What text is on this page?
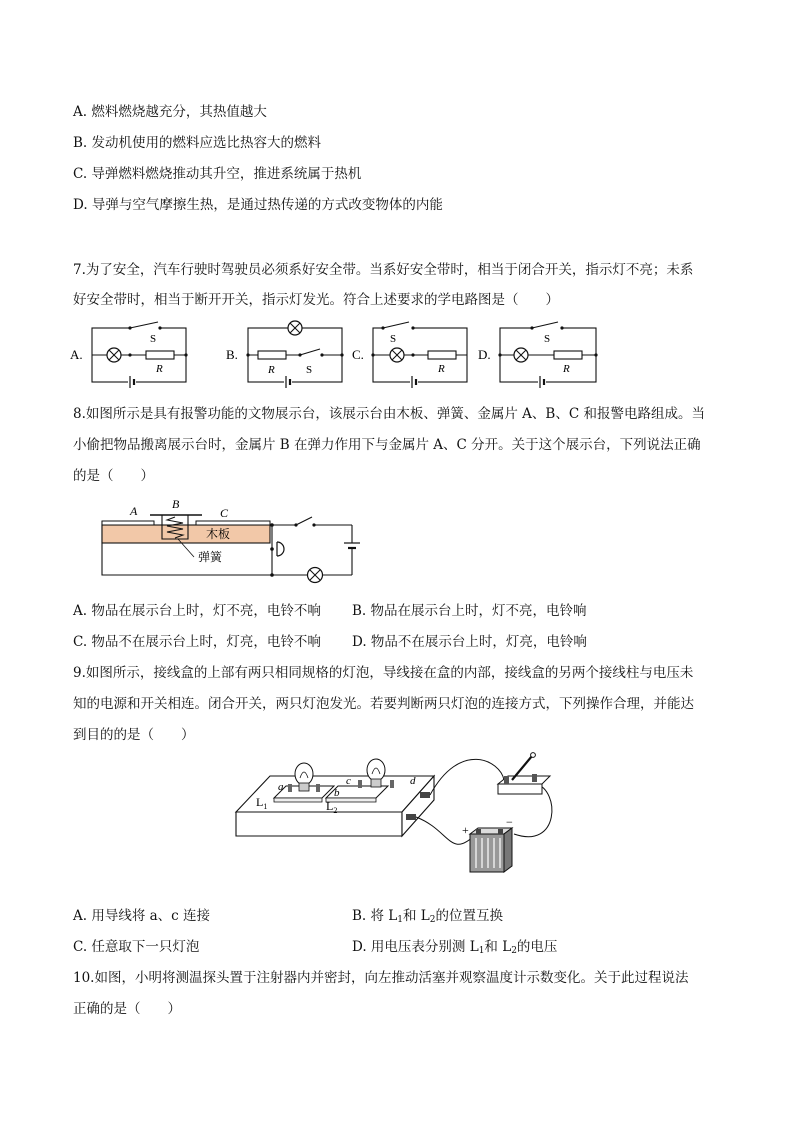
A. 燃料燃烧越充分，其热值越大
B. 发动机使用的燃料应选比热容大的燃料
C. 导弹燃料燃烧推动其升空，推进系统属于热机
D. 导弹与空气摩擦生热，是通过热传递的方式改变物体的内能
7.为了安全，汽车行驶时驾驶员必须系好安全带。当系好安全带时，相当于闭合开关，指示灯不亮；未系
好安全带时，相当于断开开关，指示灯发光。符合上述要求的学电路图是（　　）
A.
S
R
B.
R	S
C.
S
R
D.
S
R
8.如图所示是具有报警功能的文物展示台，该展示台由木板、弹簧、金属片 A、B、C 和报警电路组成。当
小偷把物品搬离展示台时，金属片 B 在弹力作用下与金属片 A、C 分开。关于这个展示台，下列说法正确
的是（　　）
A	B
C
木板
弹簧
A. 物品在展示台上时，灯不亮，电铃不响 B. 物品在展示台上时，灯不亮，电铃响
C. 物品不在展示台上时，灯亮，电铃不响 D. 物品不在展示台上时，灯亮，电铃响
9.如图所示，接线盒的上部有两只相同规格的灯泡，导线接在盒的内部，接线盒的另两个接线柱与电压未
知的电源和开关相连。闭合开关，两只灯泡发光。若要判断两只灯泡的连接方式，下列操作合理，并能达
到目的的是（　　）
a	b
c	d
$L_1$	$L_2$
+
−
A. 用导线将 a、c 连接	B. 将 $L_1$和 $L_2$的位置互换
C. 任意取下一只灯泡	D. 用电压表分别测 $L_1$和 $L_2$的电压
10.如图，小明将测温探头置于注射器内并密封，向左推动活塞并观察温度计示数变化。关于此过程说法
正确的是（　　）
